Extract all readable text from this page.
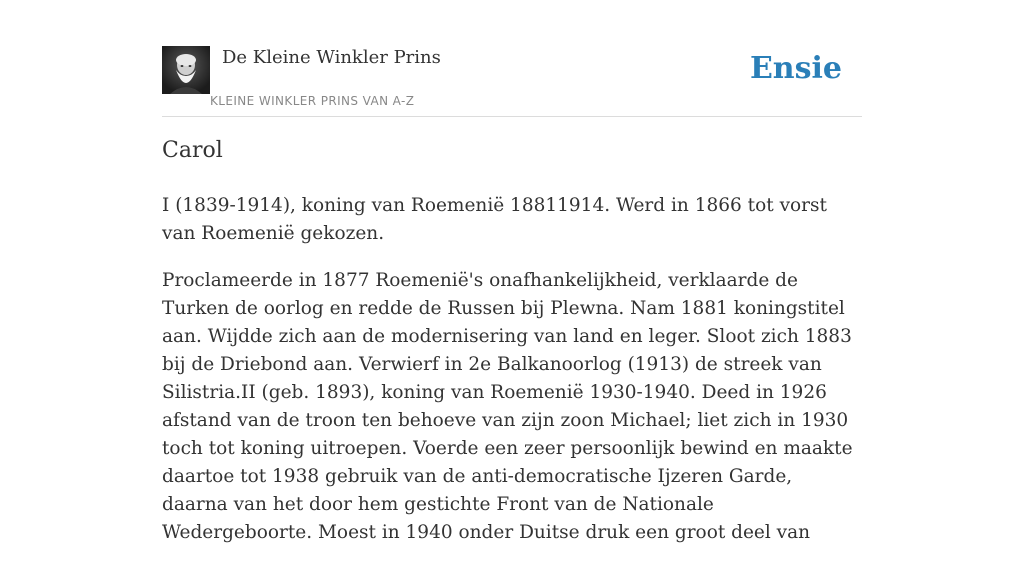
De Kleine Winkler Prins
KLEINE WINKLER PRINS VAN A-Z
Ensie
Carol

I (1839-1914), koning van Roemenië 18811914. Werd in 1866 tot vorst van Roemenië gekozen.

Proclameerde in 1877 Roemenië's onafhankelijkheid, verklaarde de Turken de oorlog en redde de Russen bij Plewna. Nam 1881 koningstitel aan. Wijdde zich aan de modernisering van land en leger. Sloot zich 1883 bij de Driebond aan. Verwierf in 2e Balkanoorlog (1913) de streek van Silistria.II (geb. 1893), koning van Roemenië 1930-1940. Deed in 1926 afstand van de troon ten behoeve van zijn zoon Michael; liet zich in 1930 toch tot koning uitroepen. Voerde een zeer persoonlijk bewind en maakte daartoe tot 1938 gebruik van de anti-democratische Ijzeren Garde, daarna van het door hem gestichte Front van de Nationale Wedergeboorte. Moest in 1940 onder Duitse druk een groot deel van
